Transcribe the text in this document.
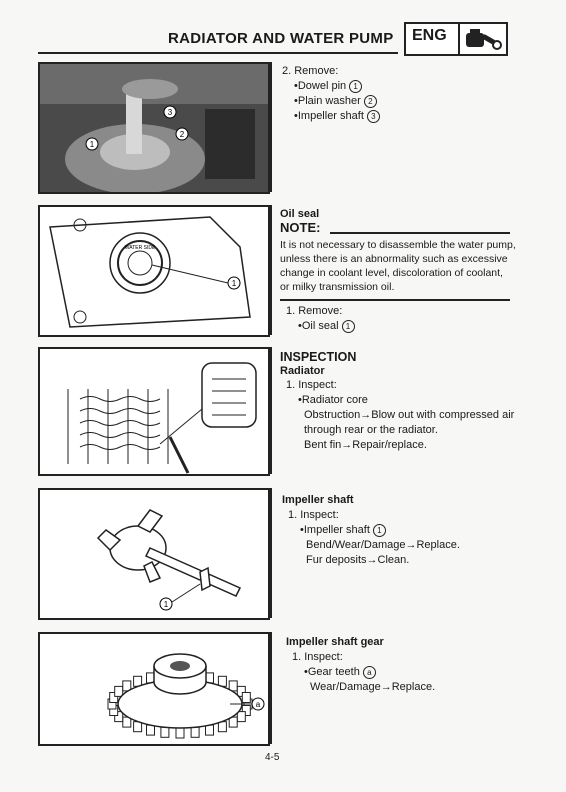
RADIATOR AND WATER PUMP ENG
3
2
1
2. Remove:
•Dowel pin 1
•Plain washer 2
•Impeller shaft 3
WATER SIDE
1
Oil seal
NOTE:
It is not necessary to disassemble the water pump,
unless there is an abnormality such as excessive
change in coolant level, discoloration of coolant,
or milky transmission oil.
1. Remove:
•Oil seal 1
INSPECTION
Radiator
1. Inspect:
•Radiator core
Obstruction→Blow out with compressed air
through rear or the radiator.
Bent fin→Repair/replace.
1
Impeller shaft
1. Inspect:
•Impeller shaft 1
Bend/Wear/Damage→Replace.
Fur deposits→Clean.
a
Impeller shaft gear
1. Inspect:
•Gear teeth a
Wear/Damage→Replace.
4-5
